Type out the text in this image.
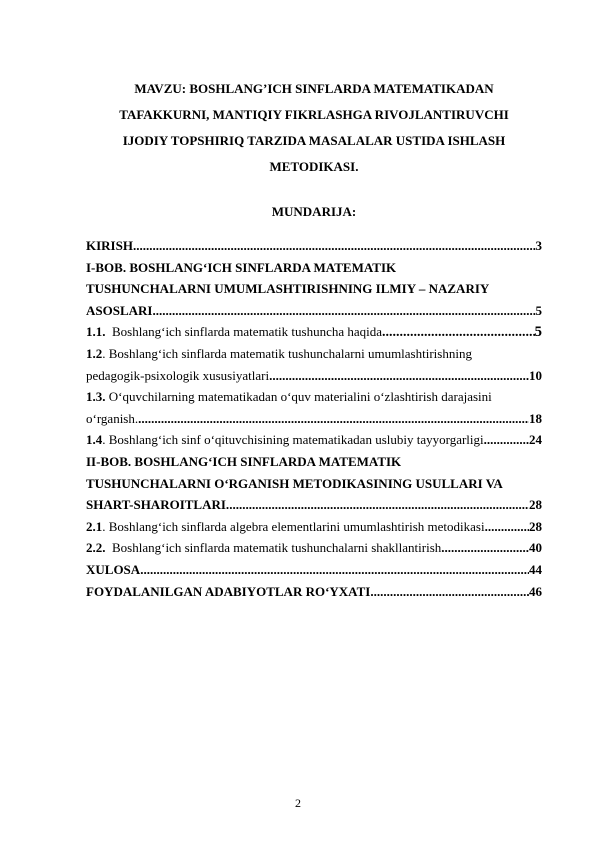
MAVZU: BOSHLANG’ICH SINFLARDA MATEMATIKADAN
TAFAKKURNI, MANTIQIY FIKRLASHGA RIVOJLANTIRUVCHI
IJODIY TOPSHIRIQ TARZIDA MASALALAR USTIDA ISHLASH
METODIKASI.
MUNDARIJA:
KIRISH .....	3
I-BOB. BOSHLANG‘ICH SINFLARDA MATEMATIK
TUSHUNCHALARNI UMUMLASHTIRISHNING ILMIY – NAZARIY
ASOSLARI .....	5
1.1. Boshlang‘ich sinflarda matematik tushuncha haqida .....	5
1.2. Boshlang‘ich sinflarda matematik tushunchalarni umumlashtirishning
pedagogik-psixologik xususiyatlari .....	10
1.3. O‘quvchilarning matematikadan o‘quv materialini o‘zlashtirish darajasini
o‘rganish. .....	18
1.4. Boshlang‘ich sinf o‘qituvchisining matematikadan uslubiy tayyorgarligi .....	24
II-BOB. BOSHLANG‘ICH SINFLARDA MATEMATIK
TUSHUNCHALARNI O‘RGANISH METODIKASINING USULLARI VA
SHART-SHAROITLARI. .....	28
2.1. Boshlang‘ich sinflarda algebra elementlarini umumlashtirish metodikasi .....	28
2.2. Boshlang‘ich sinflarda matematik tushunchalarni shakllantirish .....	40
XULOSA .....	44
FOYDALANILGAN ADABIYOTLAR RO‘YXATI .....	46
2
